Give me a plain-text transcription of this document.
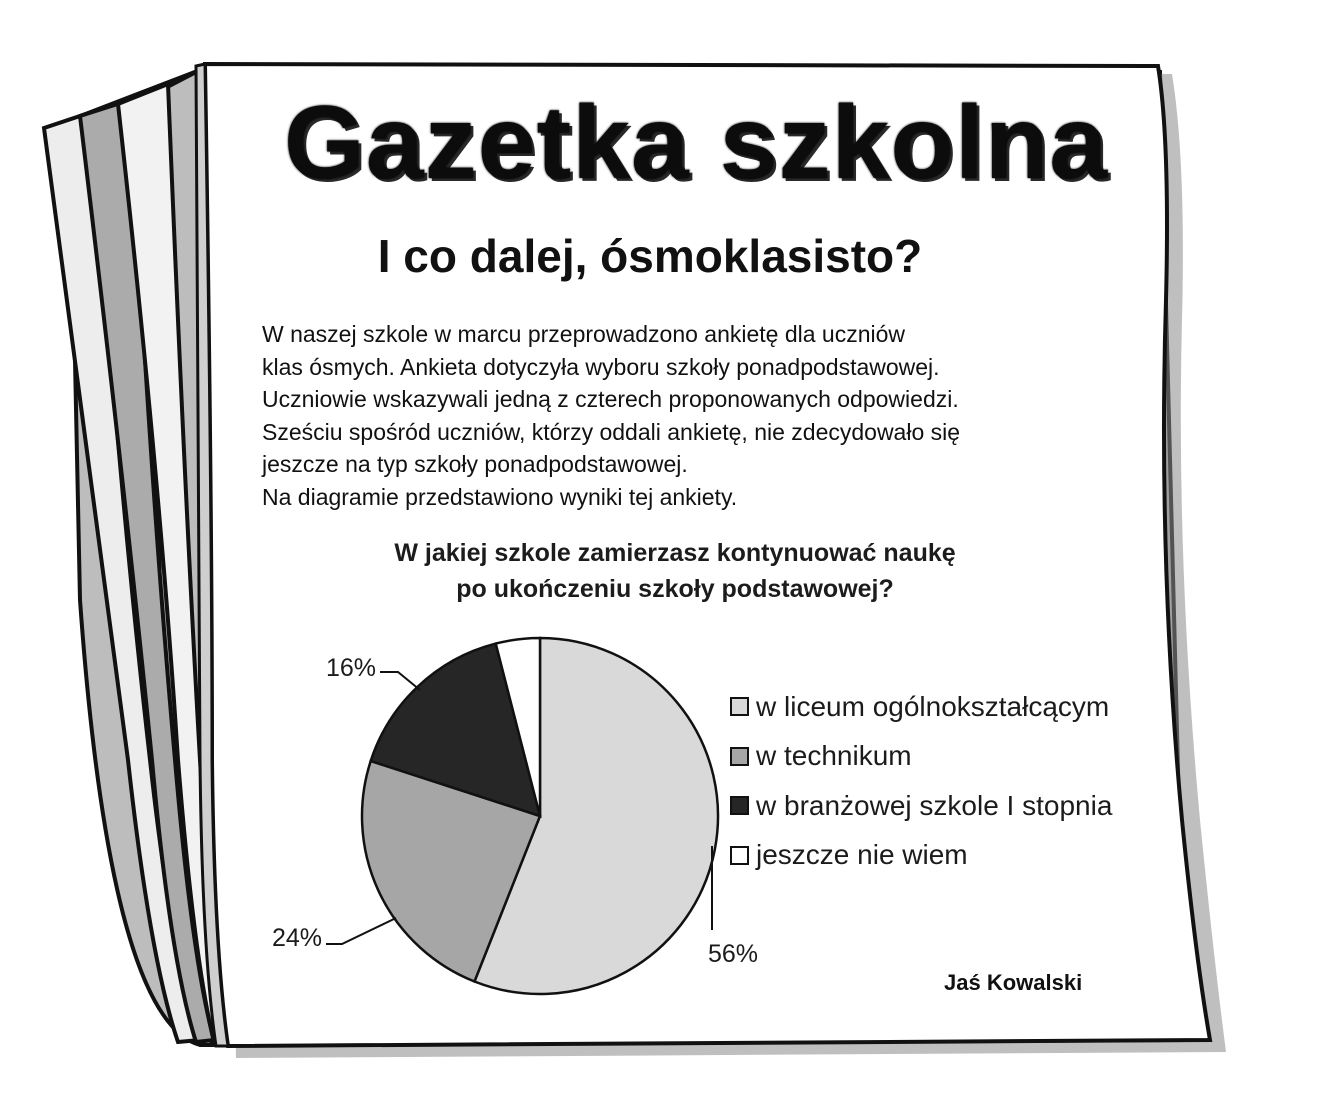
Gazetka szkolna
I co dalej, ósmoklasisto?

W naszej szkole w marcu przeprowadzono ankietę dla uczniów

klas ósmych. Ankieta dotyczyła wyboru szkoły ponadpodstawowej.

Uczniowie wskazywali jedną z czterech proponowanych odpowiedzi.

Sześciu spośród uczniów, którzy oddali ankietę, nie zdecydowało się

jeszcze na typ szkoły ponadpodstawowej.

Na diagramie przedstawiono wyniki tej ankiety.

W jakiej szkole zamierzasz kontynuować naukę
po ukończeniu szkoły podstawowej?
56%
24%
16%
w liceum ogólnokształcącym
w technikum
w branżowej szkole I stopnia
jeszcze nie wiem
Jaś Kowalski
